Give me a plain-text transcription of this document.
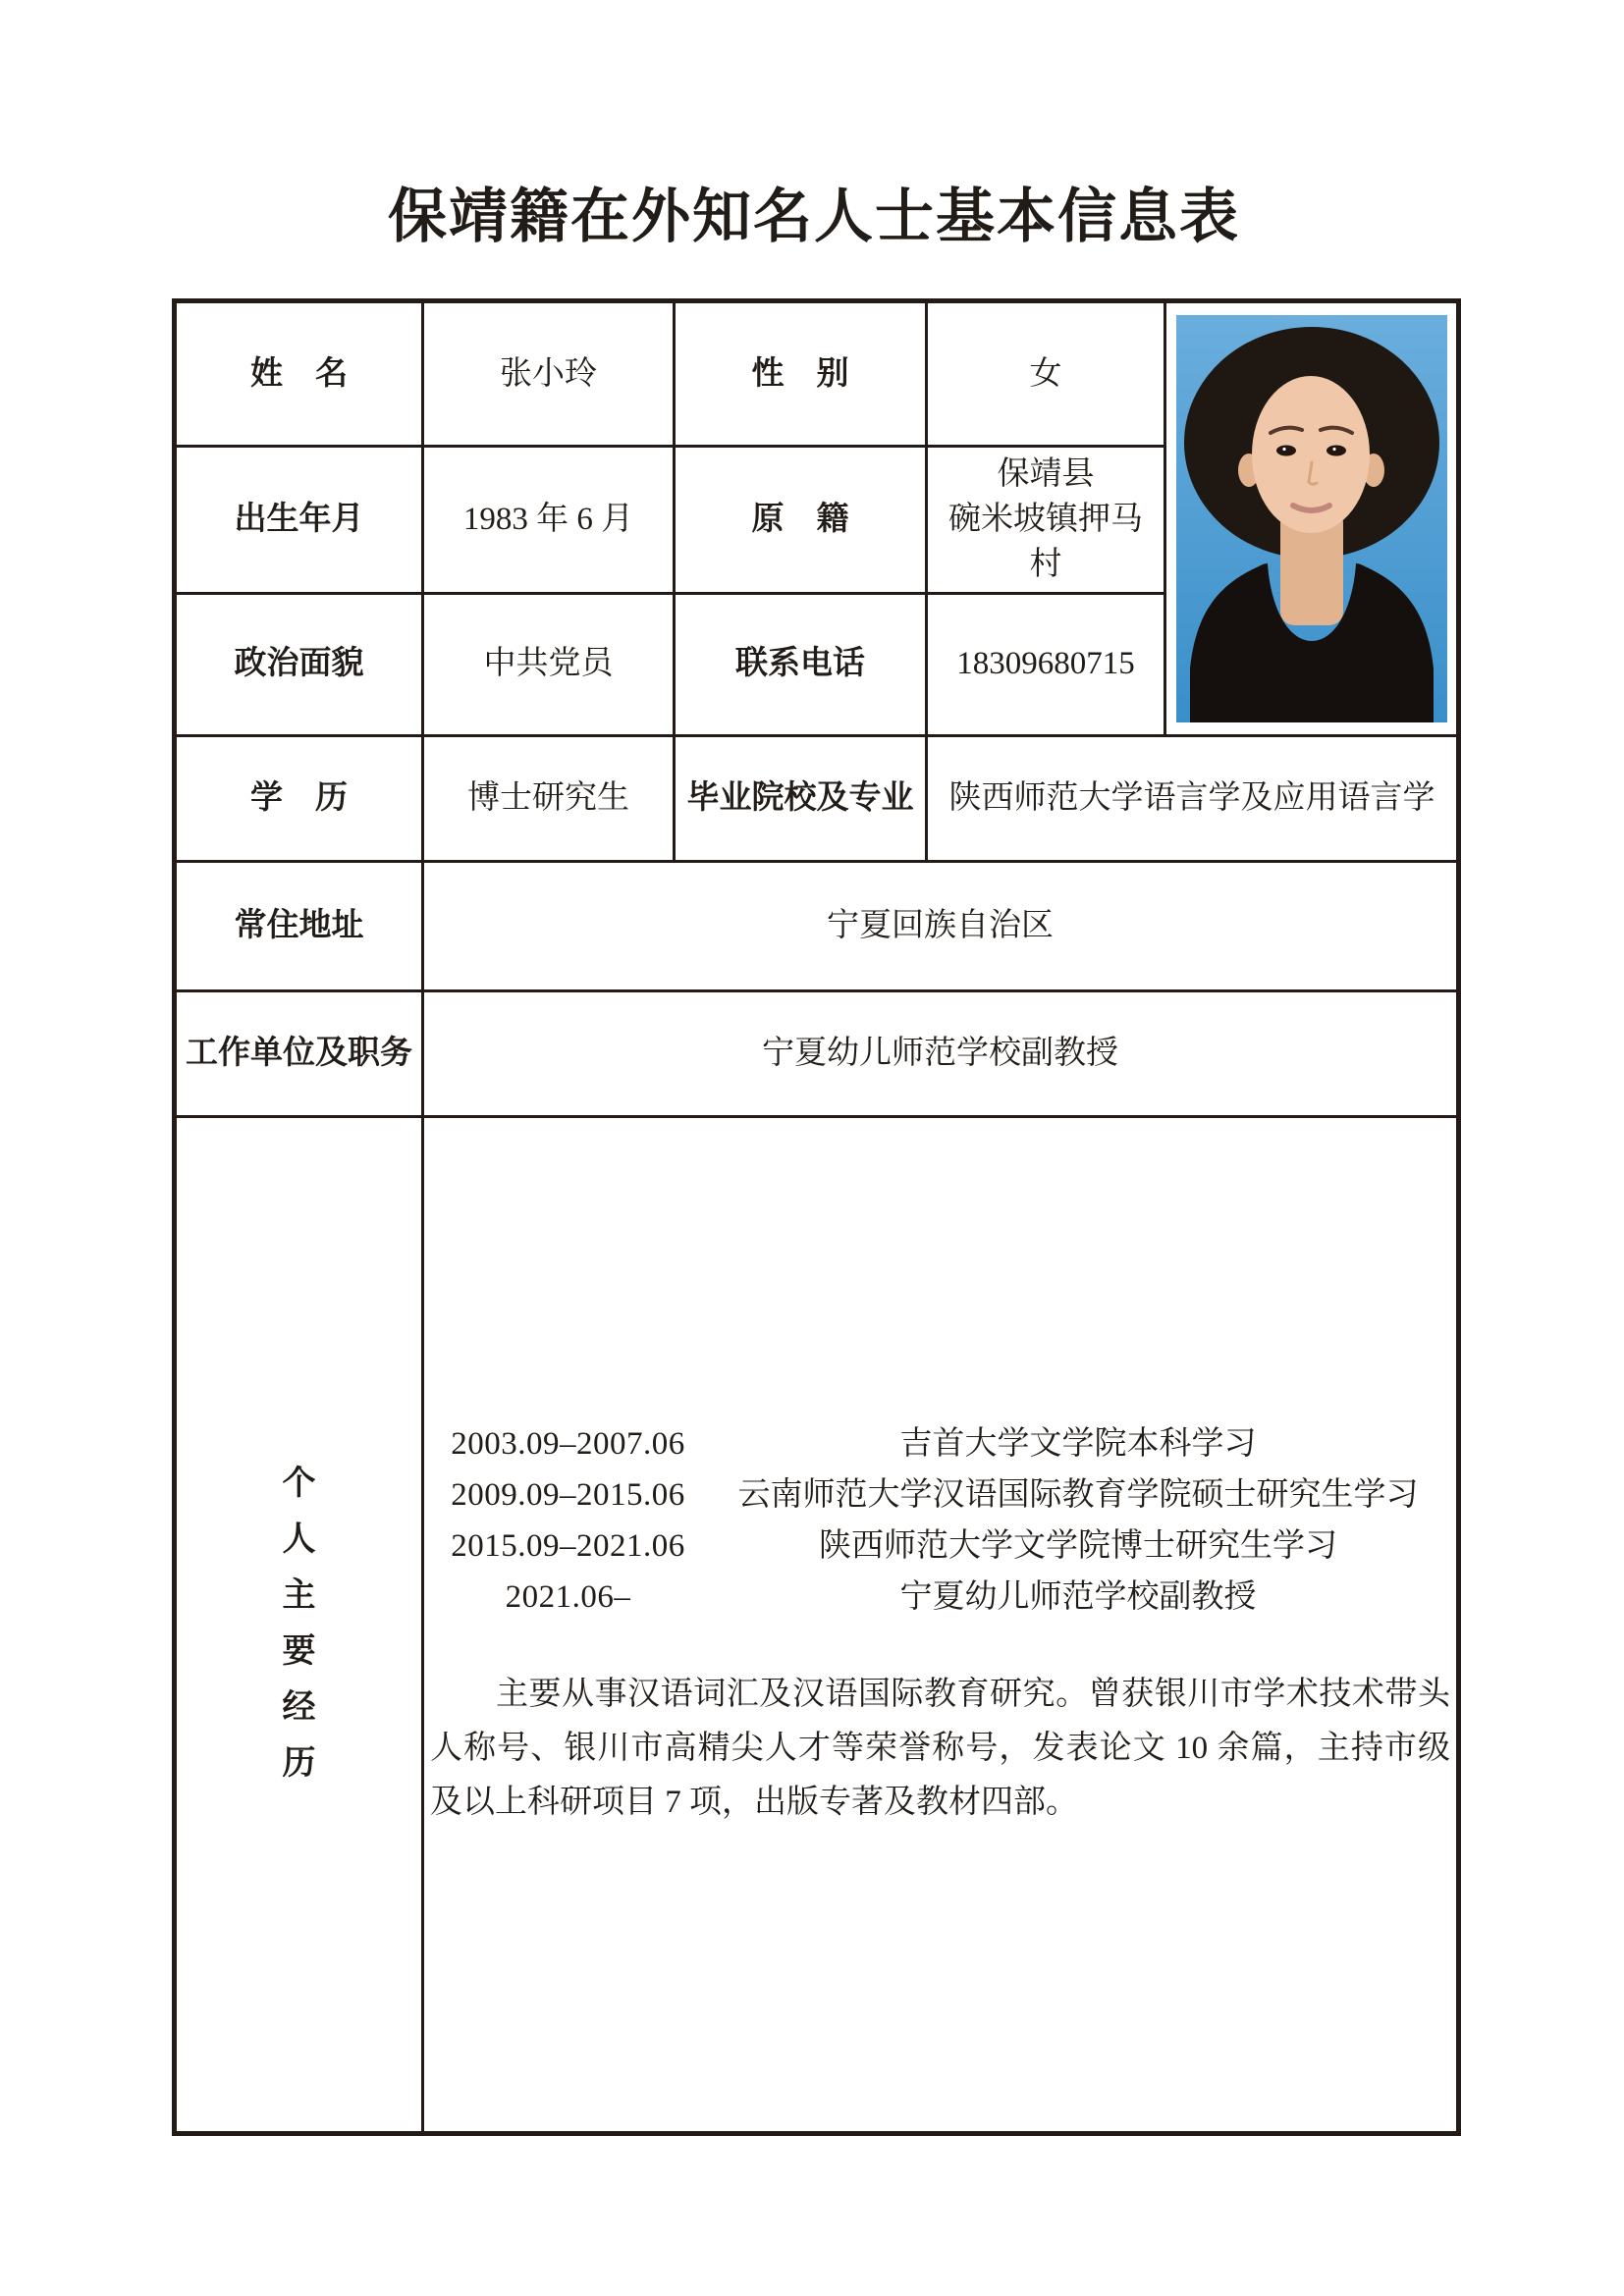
保靖籍在外知名人士基本信息表
姓　名	张小玲	性　别	女	

出生年月	1983 年 6 月	原　籍	保靖县
碗米坡镇押马村	

政治面貌	中共党员	联系电话	18309680715	
学　历	博士研究生	毕业院校及专业	陕西师范大学语言学及应用语言学	
常住地址	宁夏回族自治区			
工作单位及职务	宁夏幼儿师范学校副教授			

个
人
主
要
经
历

2003.09–2007.06	吉首大学文学院本科学习
2009.09–2015.06	云南师范大学汉语国际教育学院硕士研究生学习
2015.09–2021.06	陕西师范大学文学院博士研究生学习
2021.06–	宁夏幼儿师范学校副教授

主要从事汉语词汇及汉语国际教育研究。曾获银川市学术技术带头人称号、银川市高精尖人才等荣誉称号，发表论文 10 余篇，主持市级及以上科研项目 7 项，出版专著及教材四部。
